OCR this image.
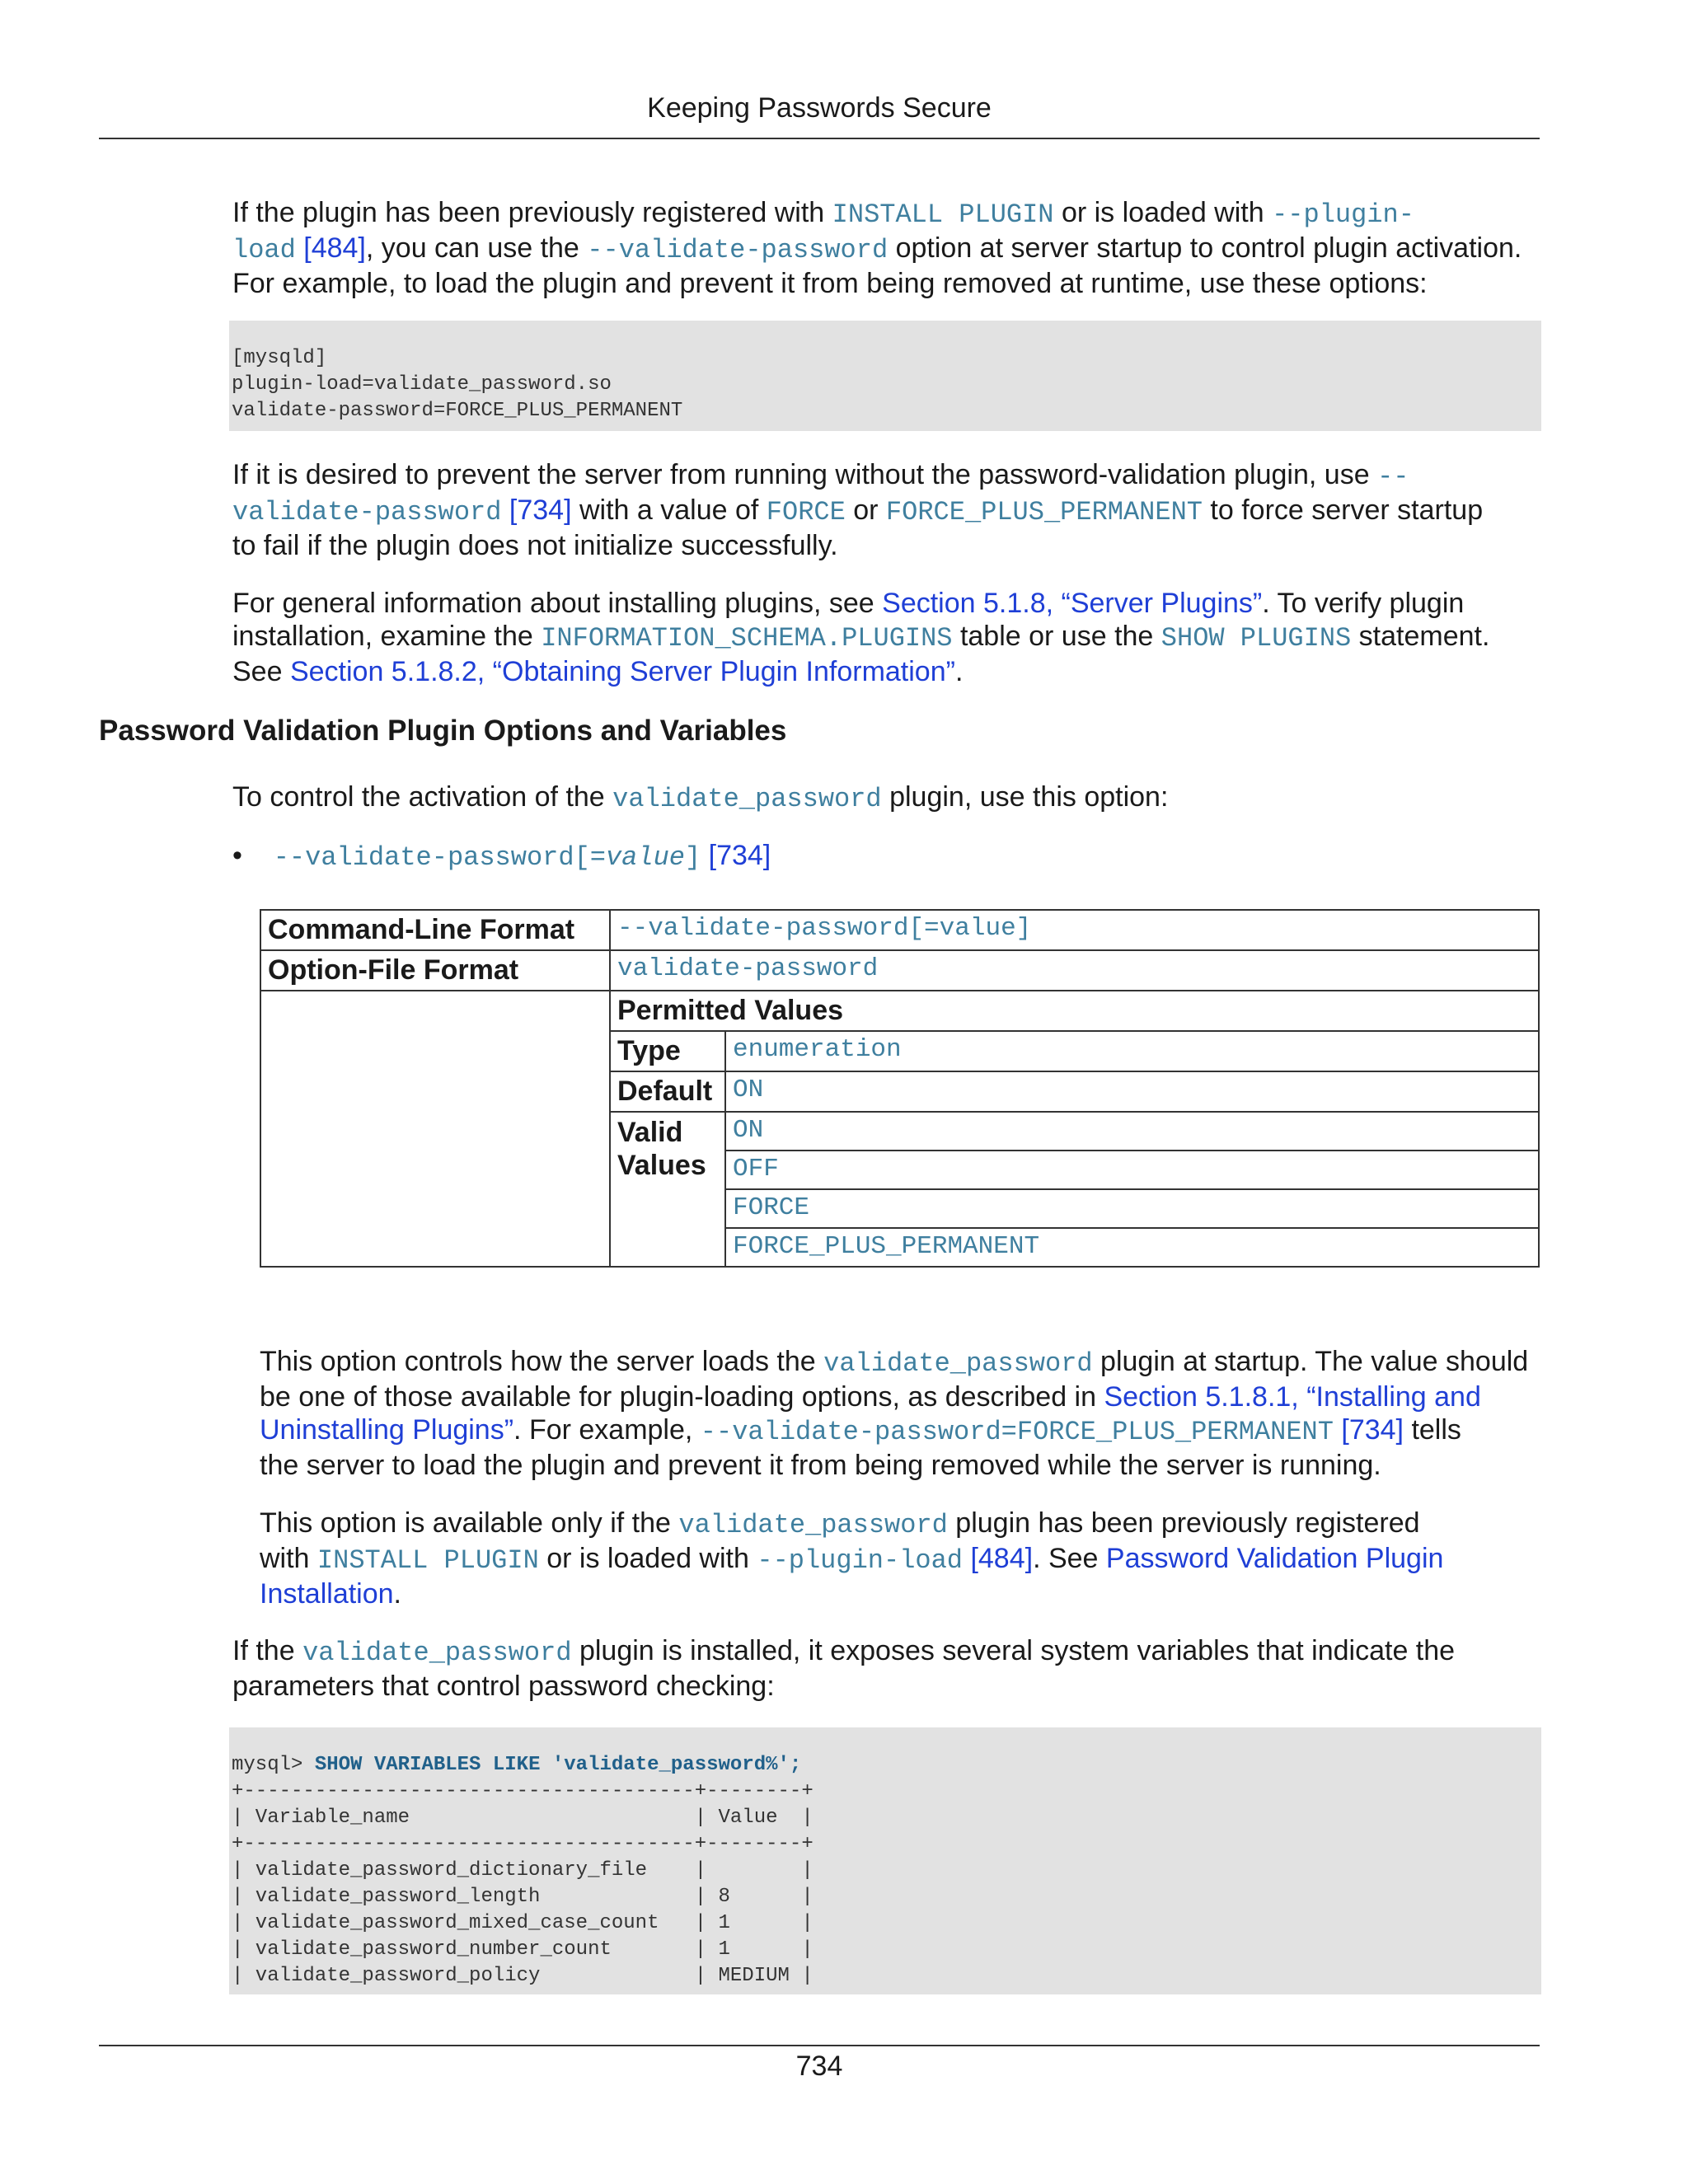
Keeping Passwords Secure
If the plugin has been previously registered with INSTALL PLUGIN or is loaded with --plugin-
load [484], you can use the --validate-password option at server startup to control plugin activation.
For example, to load the plugin and prevent it from being removed at runtime, use these options:
[mysqld]
plugin-load=validate_password.so
validate-password=FORCE_PLUS_PERMANENT
If it is desired to prevent the server from running without the password-validation plugin, use --
validate-password [734] with a value of FORCE or FORCE_PLUS_PERMANENT to force server startup
to fail if the plugin does not initialize successfully.
For general information about installing plugins, see Section 5.1.8, “Server Plugins”. To verify plugin
installation, examine the INFORMATION_SCHEMA.PLUGINS table or use the SHOW PLUGINS statement.
See Section 5.1.8.2, “Obtaining Server Plugin Information”.
Password Validation Plugin Options and Variables
To control the activation of the validate_password plugin, use this option:
• --validate-password[=value] [734]
Command-Line Format	--validate-password[=value]	
Option-File Format	validate-password	
	Permitted Values	
	Type	enumeration
	Default	ON
	Valid
Values	ON
		OFF
		FORCE
		FORCE_PLUS_PERMANENT
This option controls how the server loads the validate_password plugin at startup. The value should
be one of those available for plugin-loading options, as described in Section 5.1.8.1, “Installing and
Uninstalling Plugins”. For example, --validate-password=FORCE_PLUS_PERMANENT [734] tells
the server to load the plugin and prevent it from being removed while the server is running.
This option is available only if the validate_password plugin has been previously registered
with INSTALL PLUGIN or is loaded with --plugin-load [484]. See Password Validation Plugin
Installation.
If the validate_password plugin is installed, it exposes several system variables that indicate the
parameters that control password checking:
mysql> SHOW VARIABLES LIKE 'validate_password%';
+--------------------------------------+--------+
| Variable_name                        | Value  |
+--------------------------------------+--------+
| validate_password_dictionary_file    |        |
| validate_password_length             | 8      |
| validate_password_mixed_case_count   | 1      |
| validate_password_number_count       | 1      |
| validate_password_policy             | MEDIUM |
734
